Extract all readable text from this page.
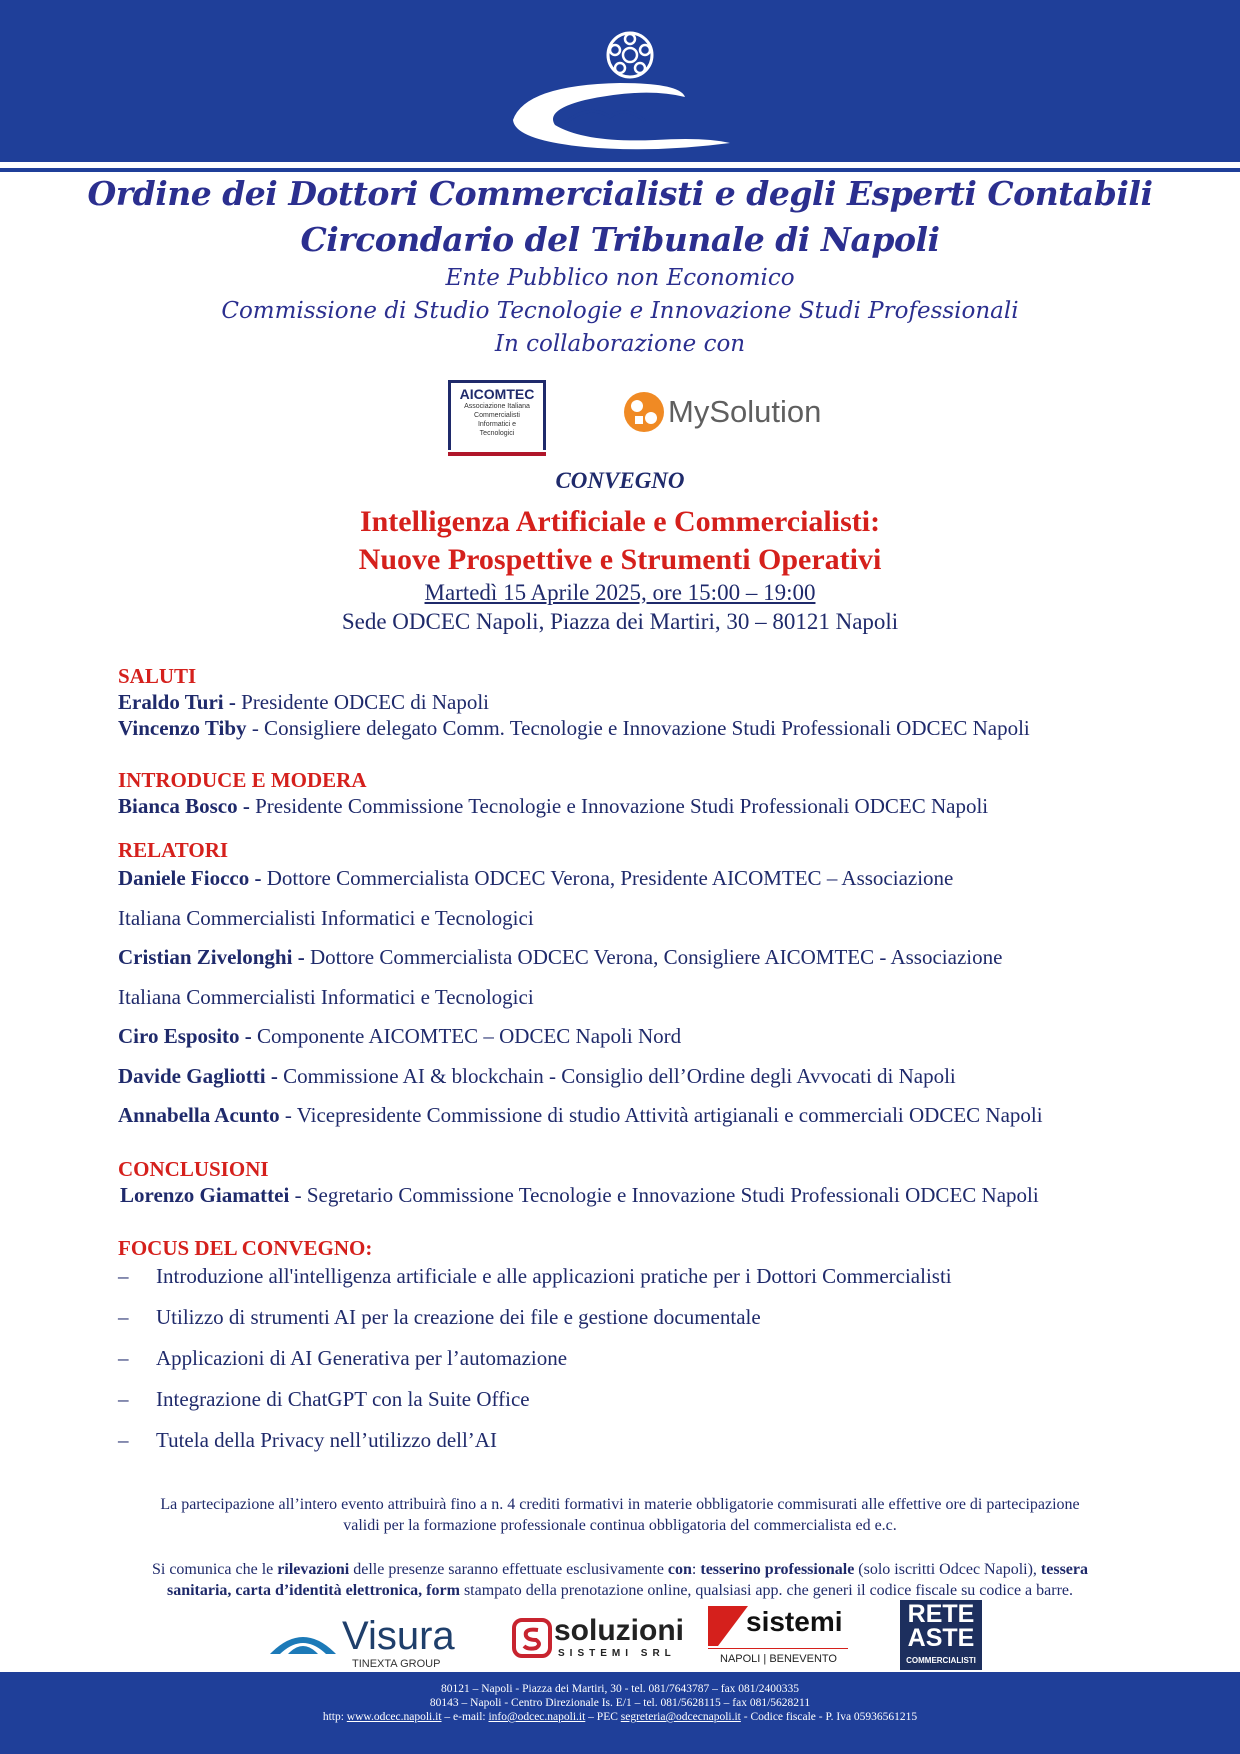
Ordine dei Dottori Commercialisti e degli Esperti Contabili
Circondario del Tribunale di Napoli
Ente Pubblico non Economico
Commissione di Studio Tecnologie e Innovazione Studi Professionali
In collaborazione con
AICOMTEC
Associazione Italiana
Commercialisti
Informatici e
Tecnologici
MySolution
CONVEGNO
Intelligenza Artificiale e Commercialisti:
Nuove Prospettive e Strumenti Operativi
Martedì 15 Aprile 2025, ore 15:00 – 19:00
Sede ODCEC Napoli, Piazza dei Martiri, 30 – 80121 Napoli
SALUTI
Eraldo Turi - Presidente ODCEC di Napoli
Vincenzo Tiby - Consigliere delegato Comm. Tecnologie e Innovazione Studi Professionali ODCEC Napoli
INTRODUCE E MODERA
Bianca Bosco - Presidente Commissione Tecnologie e Innovazione Studi Professionali ODCEC Napoli
RELATORI
Daniele Fiocco - Dottore Commercialista ODCEC Verona, Presidente AICOMTEC – Associazione
Italiana Commercialisti Informatici e Tecnologici
Cristian Zivelonghi - Dottore Commercialista ODCEC Verona, Consigliere AICOMTEC - Associazione
Italiana Commercialisti Informatici e Tecnologici
Ciro Esposito - Componente AICOMTEC – ODCEC Napoli Nord
Davide Gagliotti - Commissione AI & blockchain - Consiglio dell’Ordine degli Avvocati di Napoli
Annabella Acunto - Vicepresidente Commissione di studio Attività artigianali e commerciali ODCEC Napoli
CONCLUSIONI
Lorenzo Giamattei - Segretario Commissione Tecnologie e Innovazione Studi Professionali ODCEC Napoli
FOCUS DEL CONVEGNO:
– Introduzione all'intelligenza artificiale e alle applicazioni pratiche per i Dottori Commercialisti
– Utilizzo di strumenti AI per la creazione dei file e gestione documentale
– Applicazioni di AI Generativa per l’automazione
– Integrazione di ChatGPT con la Suite Office
– Tutela della Privacy nell’utilizzo dell’AI
La partecipazione all’intero evento attribuirà fino a n. 4 crediti formativi in materie obbligatorie commisurati alle effettive ore di partecipazione
validi per la formazione professionale continua obbligatoria del commercialista ed e.c.
Si comunica che le rilevazioni delle presenze saranno effettuate esclusivamente con: tesserino professionale (solo iscritti Odcec Napoli), tessera
sanitaria, carta d’identità elettronica, form stampato della prenotazione online, qualsiasi app. che generi il codice fiscale su codice a barre.
Visura
TINEXTA GROUP
soluzioni
SISTEMI SRL
sistemi
NAPOLI | BENEVENTO
RETE
ASTE
COMMERCIALISTI
80121 – Napoli - Piazza dei Martiri, 30 - tel. 081/7643787 – fax 081/2400335
80143 – Napoli - Centro Direzionale Is. E/1 – tel. 081/5628115 – fax 081/5628211
http: www.odcec.napoli.it – e-mail: info@odcec.napoli.it – PEC segreteria@odcecnapoli.it - Codice fiscale - P. Iva 05936561215
